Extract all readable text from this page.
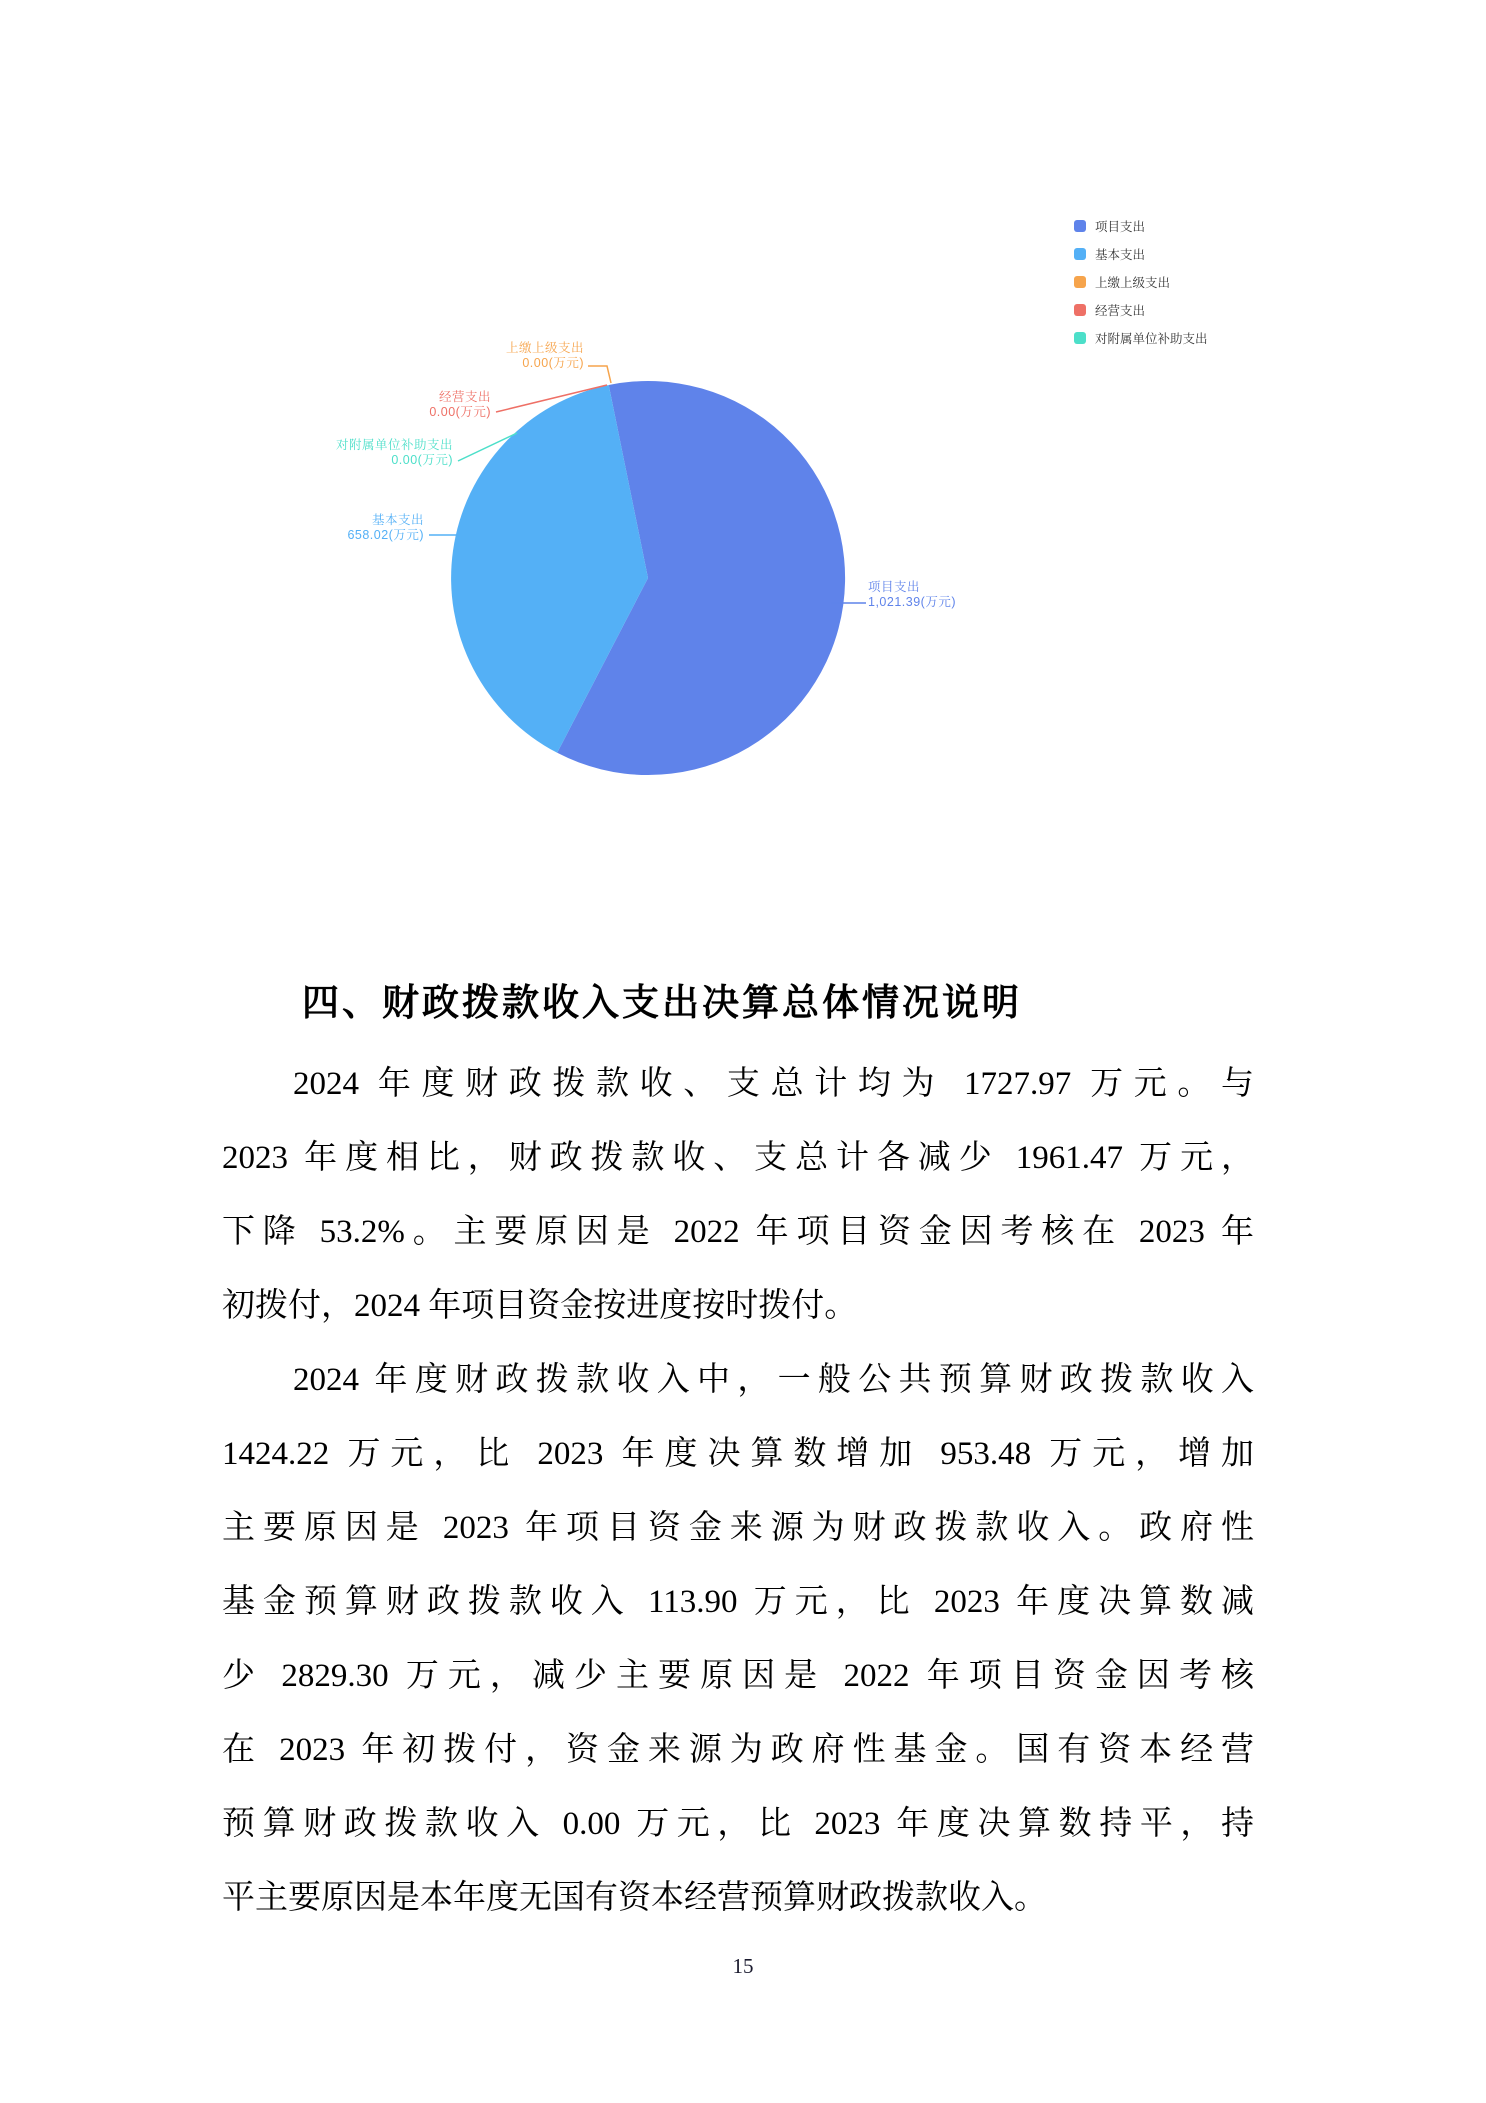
项目支出
1,021.39(万元)
基本支出
658.02(万元)
上缴上级支出
0.00(万元)
经营支出
0.00(万元)
对附属单位补助支出
0.00(万元)
项目支出
基本支出
上缴上级支出
经营支出
对附属单位补助支出
四、财政拨款收入支出决算总体情况说明
2024 年度财政拨款收、支总计均为 1727.97 万元。与
2023 年度相比，财政拨款收、支总计各减少 1961.47 万元，
下降 53.2%。主要原因是 2022 年项目资金因考核在 2023 年
初拨付，2024 年项目资金按进度按时拨付。
2024 年度财政拨款收入中，一般公共预算财政拨款收入
1424.22 万元，比 2023 年度决算数增加 953.48 万元，增加
主要原因是 2023 年项目资金来源为财政拨款收入。政府性
基金预算财政拨款收入 113.90 万元，比 2023 年度决算数减
少 2829.30 万元，减少主要原因是 2022 年项目资金因考核
在 2023 年初拨付，资金来源为政府性基金。国有资本经营
预算财政拨款收入 0.00 万元，比 2023 年度决算数持平，持
平主要原因是本年度无国有资本经营预算财政拨款收入。
15
